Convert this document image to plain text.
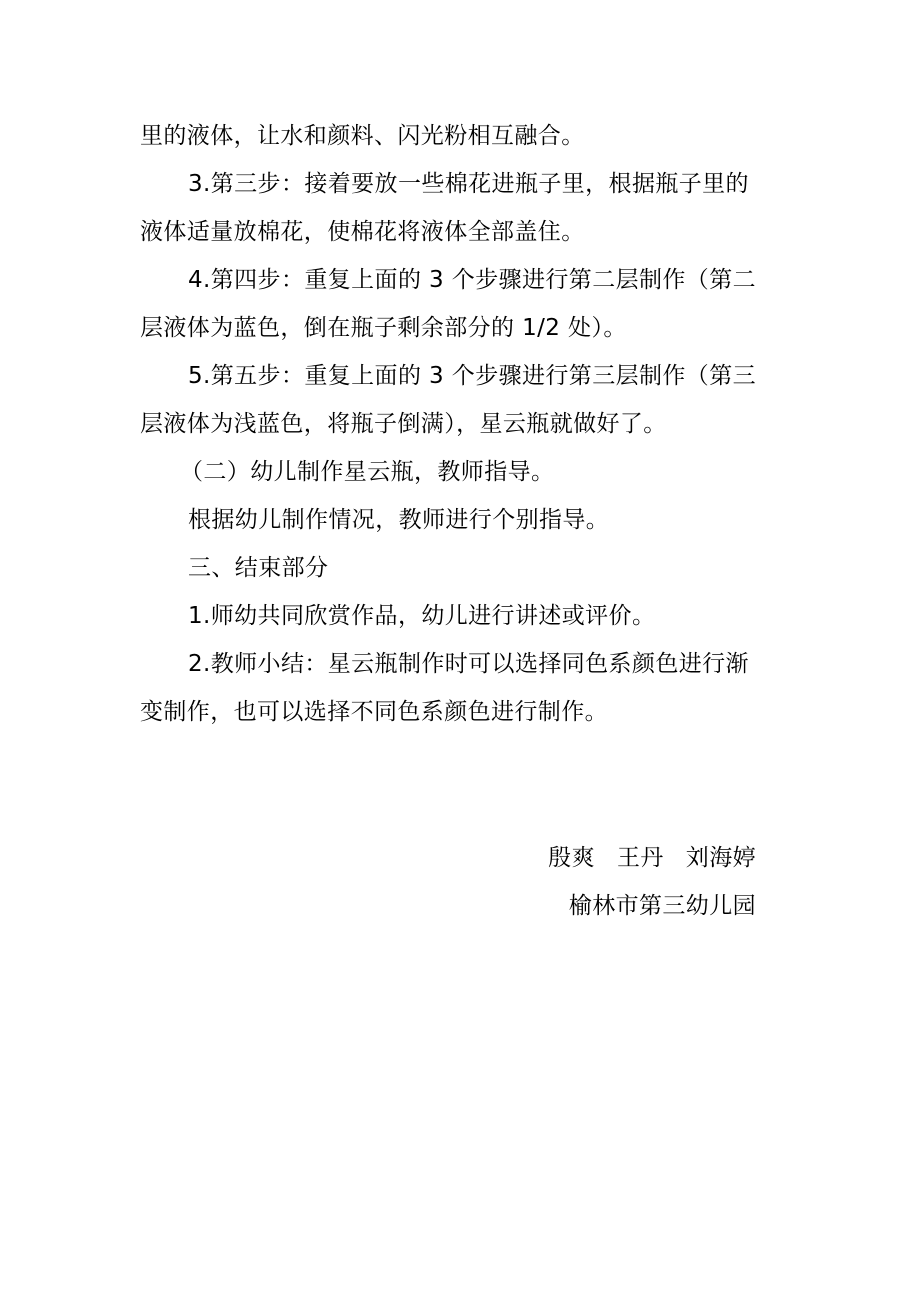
里的液体，让水和颜料、闪光粉相互融合。
3.第三步：接着要放一些棉花进瓶子里，根据瓶子里的
液体适量放棉花，使棉花将液体全部盖住。
4.第四步：重复上面的 3 个步骤进行第二层制作（第二
层液体为蓝色，倒在瓶子剩余部分的 1/2 处）。
5.第五步：重复上面的 3 个步骤进行第三层制作（第三
层液体为浅蓝色，将瓶子倒满），星云瓶就做好了。
（二）幼儿制作星云瓶，教师指导。
根据幼儿制作情况，教师进行个别指导。
三、结束部分
1.师幼共同欣赏作品，幼儿进行讲述或评价。
2.教师小结：星云瓶制作时可以选择同色系颜色进行渐
变制作，也可以选择不同色系颜色进行制作。
殷爽 王丹 刘海婷
榆林市第三幼儿园
